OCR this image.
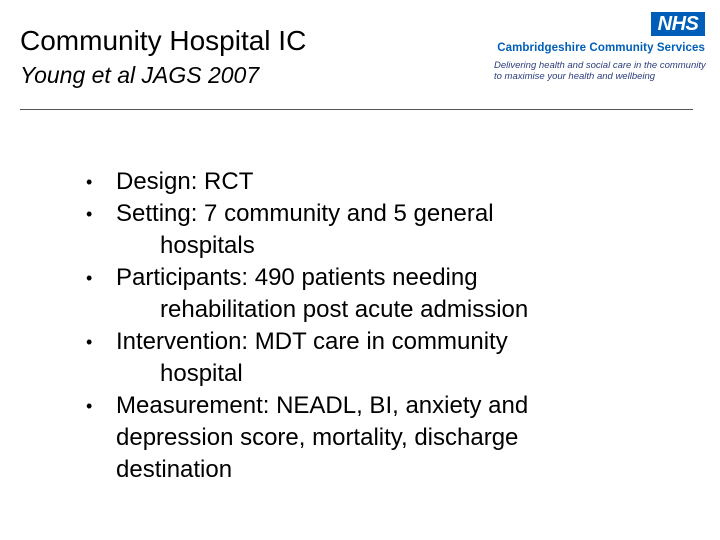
Community Hospital IC
Young et al JAGS 2007
NHS
Cambridgeshire Community Services
Delivering health and social care in the community
to maximise your health and wellbeing
• Design: RCT
• Setting: 7 community and 5 general
hospitals
• Participants: 490 patients needing
rehabilitation post acute admission
• Intervention: MDT care in community
hospital
• Measurement: NEADL, BI, anxiety and
depression score, mortality, discharge
destination
